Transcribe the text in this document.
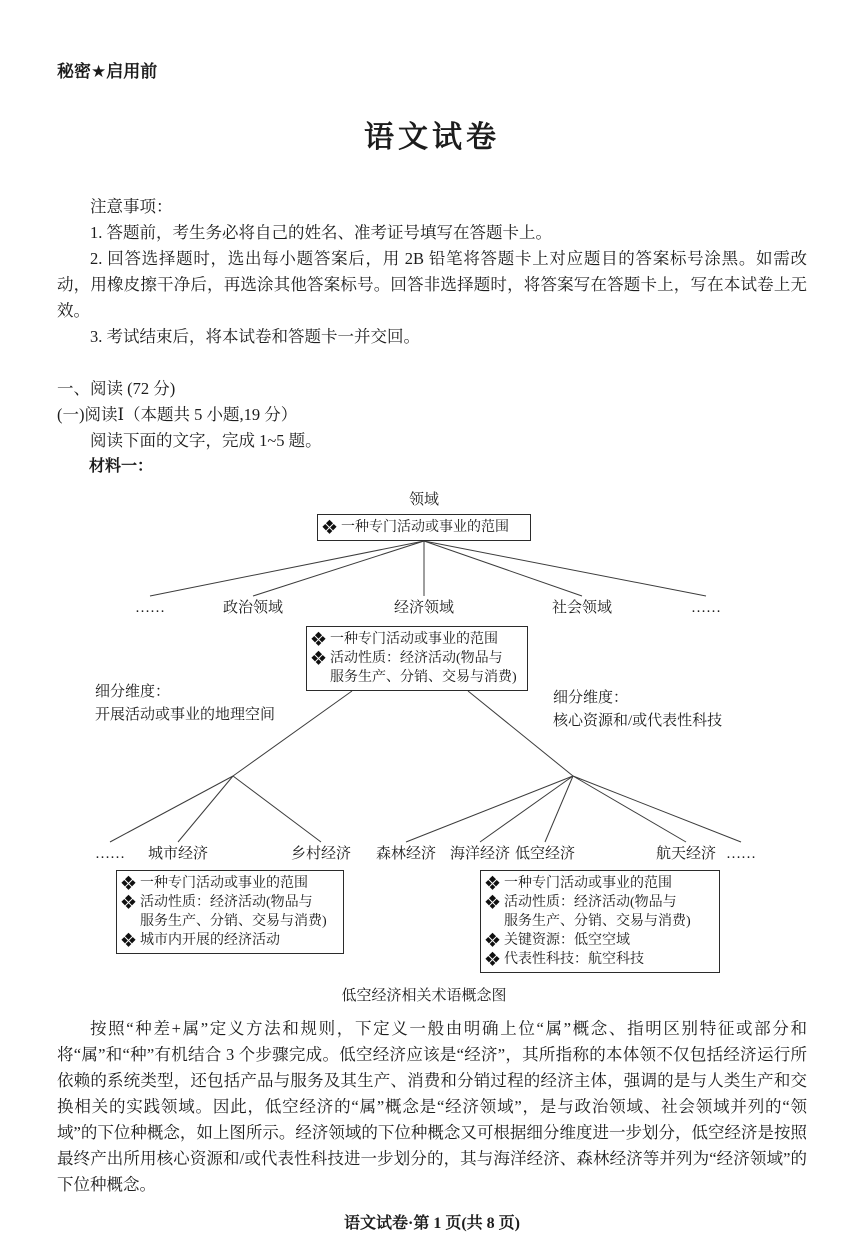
秘密★启用前
语文试卷

注意事项：

1. 答题前，考生务必将自己的姓名、准考证号填写在答题卡上。

2. 回答选择题时，选出每小题答案后，用 2B 铅笔将答题卡上对应题目的答案标号涂黑。如需改动，用橡皮擦干净后，再选涂其他答案标号。回答非选择题时，将答案写在答题卡上，写在本试卷上无效。

3. 考试结束后，将本试卷和答题卡一并交回。

一、阅读 (72 分)

(一)阅读Ⅰ（本题共 5 小题,19 分）

阅读下面的文字，完成 1~5 题。

材料一：

领域
一种专门活动或事业的范围
……	政治领域	经济领域	社会领域	……
一种专门活动或事业的范围
活动性质：经济活动(物品与
服务生产、分销、交易与消费)
细分维度：
开展活动或事业的地理空间
细分维度：
核心资源和/或代表性科技
…… 城市经济	乡村经济 森林经济 海洋经济 低空经济	航天经济 ……
一种专门活动或事业的范围
活动性质：经济活动(物品与
服务生产、分销、交易与消费)
城市内开展的经济活动
一种专门活动或事业的范围
活动性质：经济活动(物品与
服务生产、分销、交易与消费)
关键资源：低空空域
代表性科技：航空科技
低空经济相关术语概念图

按照“种差+属”定义方法和规则，下定义一般由明确上位“属”概念、指明区别特征或部分和将“属”和“种”有机结合 3 个步骤完成。低空经济应该是“经济”，其所指称的本体领不仅包括经济运行所依赖的系统类型，还包括产品与服务及其生产、消费和分销过程的经济主体，强调的是与人类生产和交换相关的实践领域。因此，低空经济的“属”概念是“经济领域”，是与政治领域、社会领域并列的“领域”的下位种概念，如上图所示。经济领域的下位种概念又可根据细分维度进一步划分，低空经济是按照最终产出所用核心资源和/或代表性科技进一步划分的，其与海洋经济、森林经济等并列为“经济领域”的下位种概念。

语文试卷·第 1 页(共 8 页)
